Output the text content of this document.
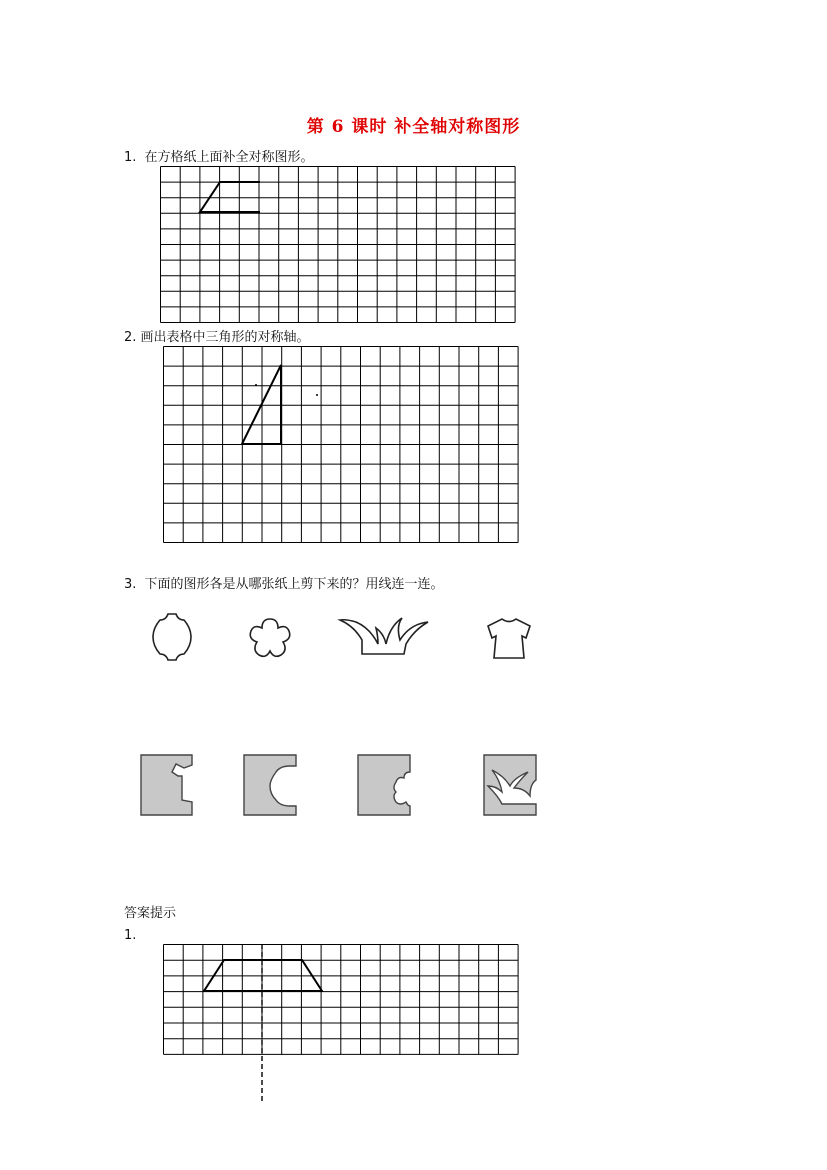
第 6 课时 补全轴对称图形
1. 在方格纸上面补全对称图形。
2. 画出表格中三角形的对称轴。
3. 下面的图形各是从哪张纸上剪下来的？用线连一连。
答案提示
1.
